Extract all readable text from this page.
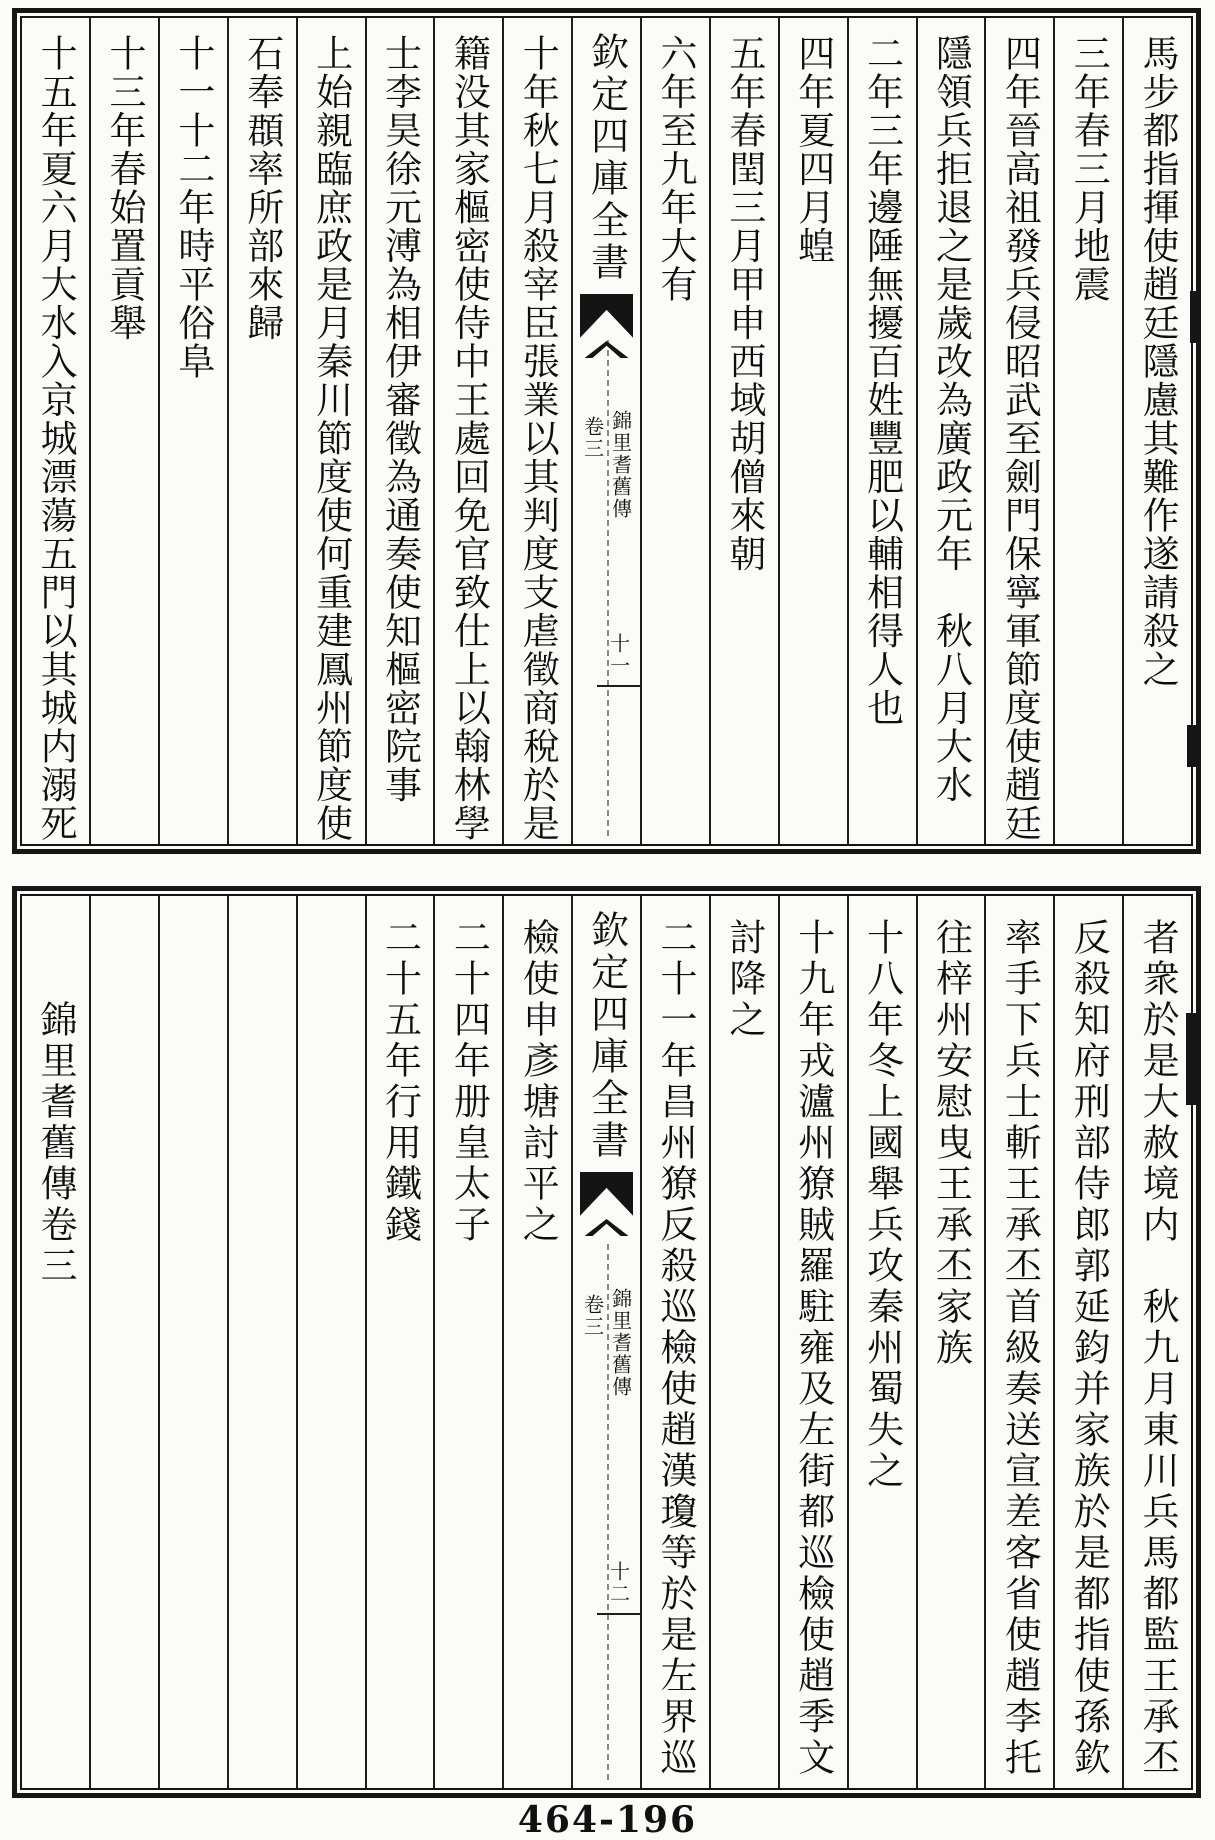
馬步都指揮使趙廷隱慮其難作遂請殺之
三年春三月地震
四年晉高祖發兵侵昭武至劍門保寧軍節度使趙廷
隱領兵拒退之是歲改為廣政元年　秋八月大水
二年三年邊陲無擾百姓豐肥以輔相得人也
四年夏四月蝗
五年春閏三月甲申西域胡僧來朝
六年至九年大有
欽定四庫全書
卷三 錦里耆舊傳
十一
十年秋七月殺宰臣張業以其判度支虐徵商稅於是
籍没其家樞密使侍中王處回免官致仕上以翰林學
士李昊徐元溥為相伊審徵為通奏使知樞密院事
上始親臨庶政是月秦川節度使何重建鳳州節度使
石奉頵率所部來歸
十一十二年時平俗阜
十三年春始置貢舉
十五年夏六月大水入京城漂蕩五門以其城内溺死
者衆於是大赦境内　秋九月東川兵馬都監王承丕
反殺知府刑部侍郎郭延鈞并家族於是都指使孫欽
率手下兵士斬王承丕首級奏送宣差客省使趙李托
往梓州安慰曳王承丕家族
十八年冬上國舉兵攻秦州蜀失之
十九年戎瀘州獠賊羅駐雍及左街都巡檢使趙季文
討降之
二十一年昌州獠反殺巡檢使趙漢瓊等於是左界巡
欽定四庫全書
卷三 錦里耆舊傳
十二
檢使申彥塘討平之
二十四年册皇太子
二十五年行用鐵錢
　　錦里耆舊傳卷三
464-196
